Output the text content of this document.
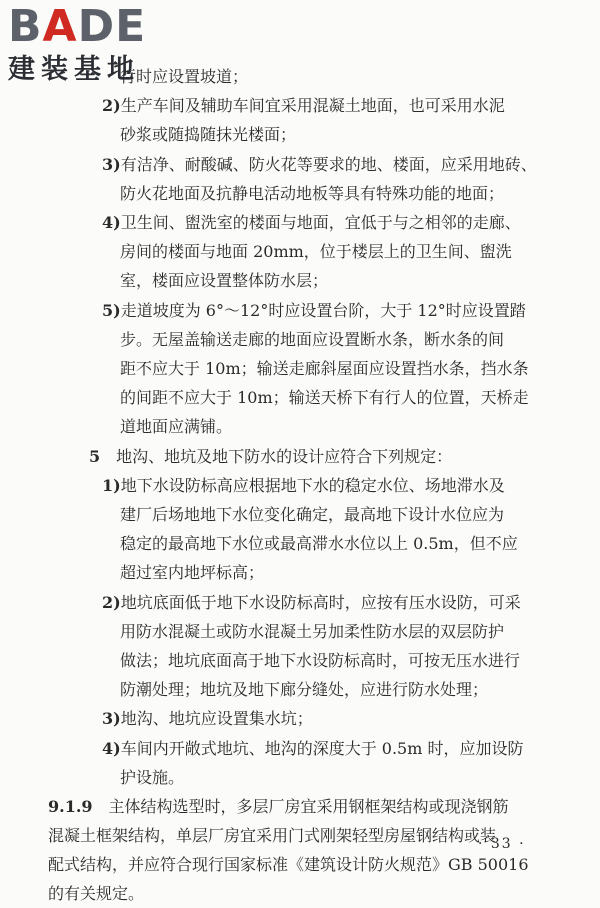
行时应设置坡道；
2)生产车间及辅助车间宜采用混凝土地面，也可采用水泥
砂浆或随捣随抹光楼面；
3)有洁净、耐酸碱、防火花等要求的地、楼面，应采用地砖、
防火花地面及抗静电活动地板等具有特殊功能的地面；
4)卫生间、盥洗室的楼面与地面，宜低于与之相邻的走廊、
房间的楼面与地面 20mm，位于楼层上的卫生间、盥洗
室，楼面应设置整体防水层；
5)走道坡度为 6°～12°时应设置台阶，大于 12°时应设置踏
步。无屋盖输送走廊的地面应设置断水条，断水条的间
距不应大于 10m；输送走廊斜屋面应设置挡水条，挡水条
的间距不应大于 10m；输送天桥下有行人的位置，天桥走
道地面应满铺。
5　地沟、地坑及地下防水的设计应符合下列规定：
1)地下水设防标高应根据地下水的稳定水位、场地滞水及
建厂后场地地下水位变化确定，最高地下设计水位应为
稳定的最高地下水位或最高滞水水位以上 0.5m，但不应
超过室内地坪标高；
2)地坑底面低于地下水设防标高时，应按有压水设防，可采
用防水混凝土或防水混凝土另加柔性防水层的双层防护
做法；地坑底面高于地下水设防标高时，可按无压水进行
防潮处理；地坑及地下廊分缝处，应进行防水处理；
3)地沟、地坑应设置集水坑；
4)车间内开敞式地坑、地沟的深度大于 0.5m 时，应加设防
护设施。
9.1.9　主体结构选型时，多层厂房宜采用钢框架结构或现浇钢筋
混凝土框架结构，单层厂房宜采用门式刚架轻型房屋钢结构或装
配式结构，并应符合现行国家标准《建筑设计防火规范》GB 50016
的有关规定。
BADE
建装基地
· 33 ·
